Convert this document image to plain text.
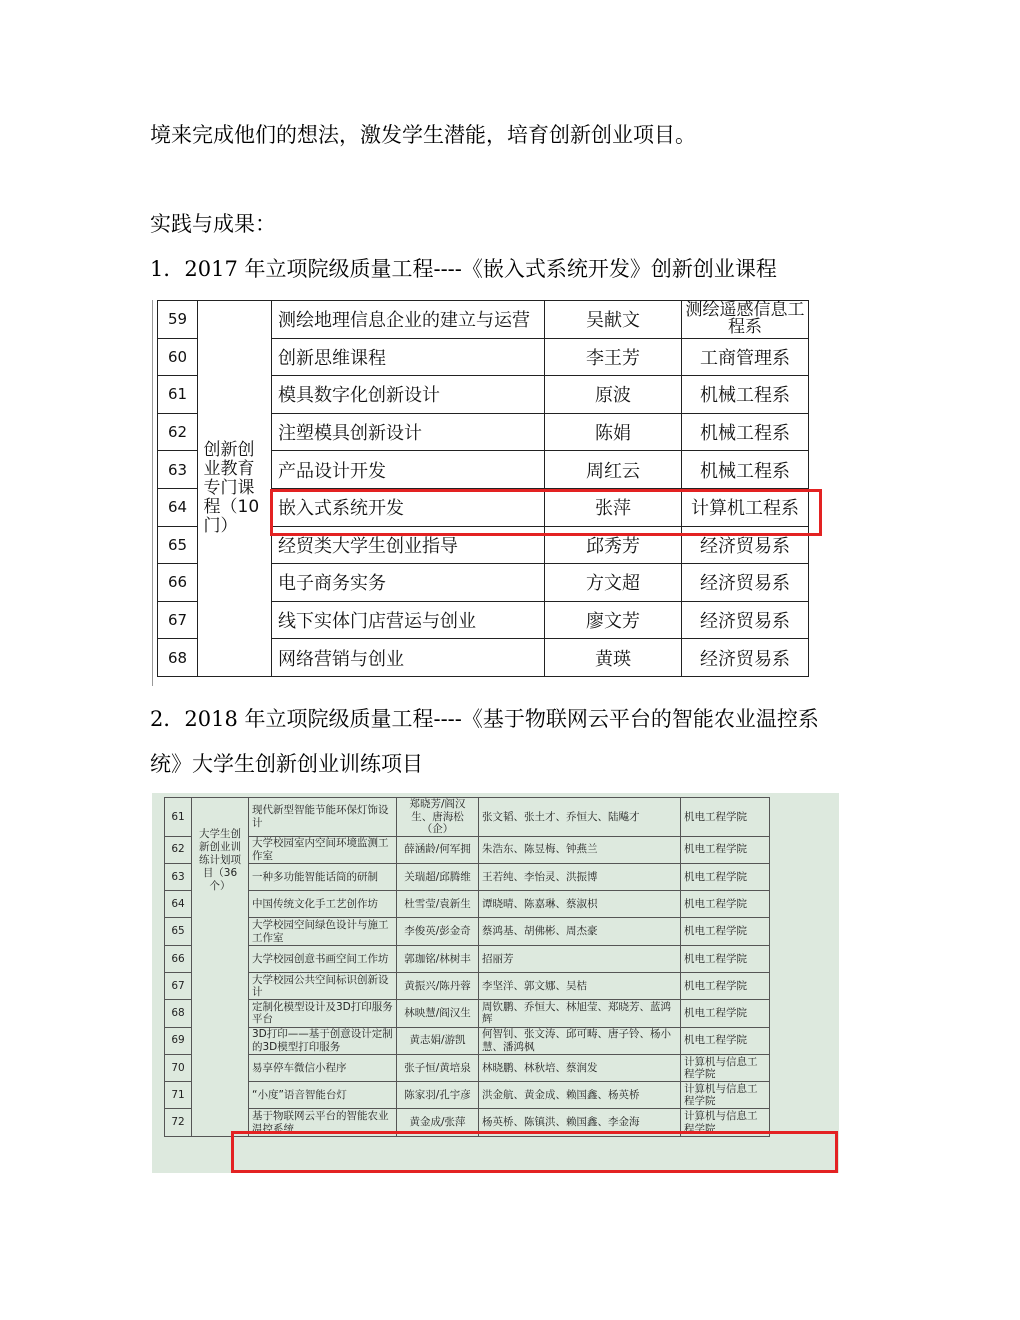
境来完成他们的想法，激发学生潜能，培育创新创业项目。
实践与成果：
1．2017 年立项院级质量工程----《嵌入式系统开发》创新创业课程
59	创新创业教育专门课程（10门）	测绘地理信息企业的建立与运营	吴献文	测绘遥感信息工程系

60		创新思维课程	李王芳	工商管理系
61		模具数字化创新设计	原波	机械工程系
62		注塑模具创新设计	陈娟	机械工程系
63		产品设计开发	周红云	机械工程系
64		嵌入式系统开发	张萍	计算机工程系
65		经贸类大学生创业指导	邱秀芳	经济贸易系
66		电子商务实务	方文超	经济贸易系
67		线下实体门店营运与创业	廖文芳	经济贸易系
68		网络营销与创业	黄瑛	经济贸易系
2．2018 年立项院级质量工程----《基于物联网云平台的智能农业温控系
统》大学生创新创业训练项目
61	大学生创新创业训练计划项目（36个）	现代新型智能节能环保灯饰设计	郑晓芳/阎汉生、唐海松（企）	张文韬、张土才、乔恒大、陆飚才	机电工程学院
62		大学校园室内空间环境监测工作室	薛涵龄/何军拥	朱浩东、陈昱梅、钟燕兰	机电工程学院
63		一种多功能智能话筒的研制	关瑞超/邱腾维	王若纯、李怡灵、洪振博	机电工程学院
64		中国传统文化手工艺创作坊	杜雪莹/袁新生	谭晓晴、陈嘉琳、蔡淑枳	机电工程学院
65		大学校园空间绿色设计与施工工作室	李俊英/彭金奇	蔡鸿基、胡佛彬、周杰豪	机电工程学院
66		大学校园创意书画空间工作坊	郭珈铭/林树丰	招丽芳	机电工程学院
67		大学校园公共空间标识创新设计	黄振兴/陈丹蓉	李坚洋、郭文娜、吴桔	机电工程学院
68		定制化模型设计及3D打印服务平台	林映慧/阎汉生	周钦鹏、乔恒大、林旭莹、郑晓芳、蓝鸿辉	机电工程学院
69		3D打印——基于创意设计定制的3D模型打印服务	黄志娟/游凯	何智钊、张文涛、邱可畴、唐子铃、杨小慧、潘鸿枫	机电工程学院
70		易享停车微信小程序	张子恒/黄培泉	林晓鹏、林秋培、蔡润发	计算机与信息工程学院
71		“小度”语音智能台灯	陈家羽/孔宇彦	洪金航、黄金成、赖国鑫、杨英桥	计算机与信息工程学院
72		基于物联网云平台的智能农业温控系统	黄金成/张萍	杨英桥、陈镇洪、赖国鑫、李金海	计算机与信息工程学院
